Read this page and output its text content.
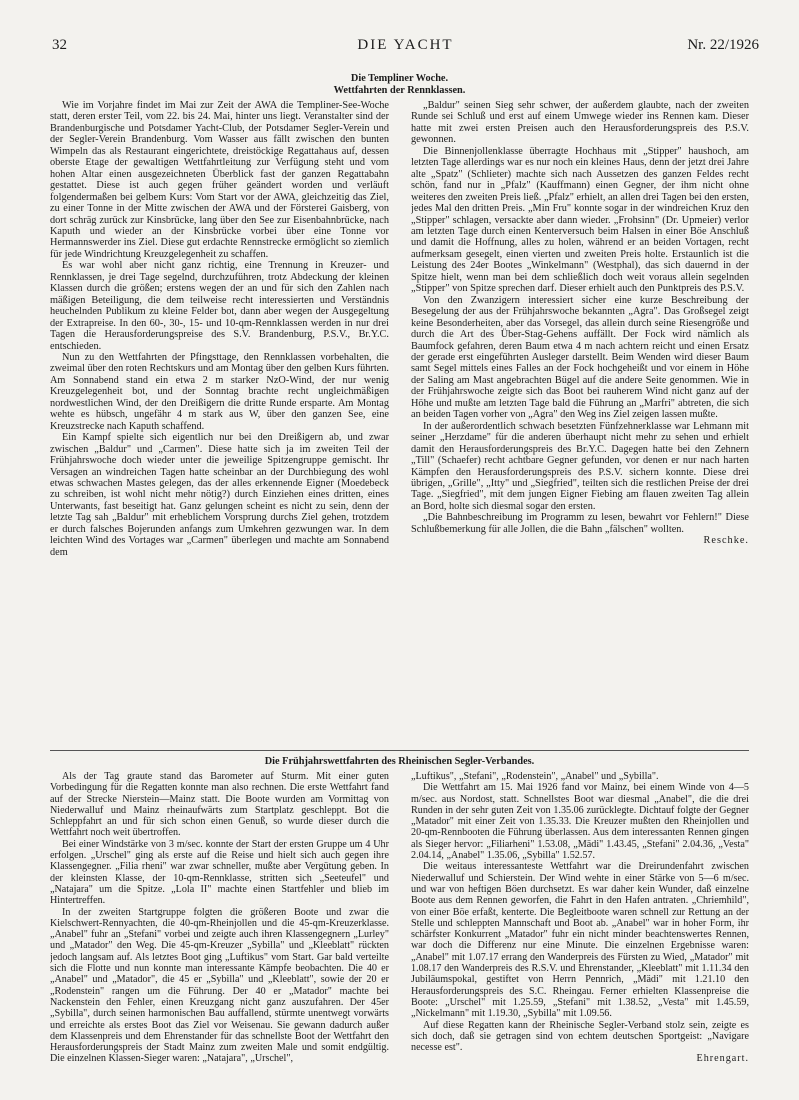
32	DIE YACHT	Nr. 22/1926
Die Templiner Woche.
Wettfahrten der Rennklassen.

Wie im Vorjahre findet im Mai zur Zeit der AWA die Templiner-See-Woche statt, deren erster Teil, vom 22. bis 24. Mai, hinter uns liegt. Veranstalter sind der Brandenburgische und Potsdamer Yacht-Club, der Potsdamer Segler-Verein und der Segler-Verein Brandenburg. Vom Wasser aus fällt zwischen den bunten Wimpeln das als Restaurant eingerichtete, dreistöckige Regattahaus auf, dessen oberste Etage der gewaltigen Wettfahrtleitung zur Verfügung steht und vom hohen Altar einen ausgezeichneten Überblick fast der ganzen Regattabahn gestattet. Diese ist auch gegen früher geändert worden und verläuft folgendermaßen bei gelbem Kurs: Vom Start vor der AWA, gleichzeitig das Ziel, zu einer Tonne in der Mitte zwischen der AWA und der Försterei Gaisberg, von dort schräg zurück zur Kinsbrücke, lang über den See zur Eisenbahnbrücke, nach Kaputh und wieder an der Kinsbrücke vorbei über eine Tonne vor Hermannswerder ins Ziel. Diese gut erdachte Rennstrecke ermöglicht so ziemlich für jede Windrichtung Kreuzgelegenheit zu schaffen.

Es war wohl aber nicht ganz richtig, eine Trennung in Kreuzer- und Rennklassen, je drei Tage segelnd, durchzuführen, trotz Abdeckung der kleinen Klassen durch die größen; erstens wegen der an und für sich den Zahlen nach mäßigen Beteiligung, die dem teilweise recht interessierten und Verständnis heuchelnden Publikum zu kleine Felder bot, dann aber wegen der Ausgegeltung der Extrapreise. In den 60-, 30-, 15- und 10-qm-Rennklassen werden in nur drei Tagen die Herausforderungspreise des S.V. Brandenburg, P.S.V., Br.Y.C. entschieden.

Nun zu den Wettfahrten der Pfingsttage, den Rennklassen vorbehalten, die zweimal über den roten Rechtskurs und am Montag über den gelben Kurs führten. Am Sonnabend stand ein etwa 2 m starker NzO-Wind, der nur wenig Kreuzgelegenheit bot, und der Sonntag brachte recht ungleichmäßigen nordwestlichen Wind, der den Dreißigern die dritte Runde ersparte. Am Montag wehte es hübsch, ungefähr 4 m stark aus W, über den ganzen See, eine Kreuzstrecke nach Kaputh schaffend.

Ein Kampf spielte sich eigentlich nur bei den Dreißigern ab, und zwar zwischen „Baldur" und „Carmen". Diese hatte sich ja im zweiten Teil der Frühjahrswoche doch wieder unter die jeweilige Spitzengruppe gemischt. Ihr Versagen an windreichen Tagen hatte scheinbar an der Durchbiegung des wohl etwas schwachen Mastes gelegen, das der alles erkennende Eigner (Moedebeck zu schreiben, ist wohl nicht mehr nötig?) durch Einziehen eines dritten, eines Unterwants, fast beseitigt hat. Ganz gelungen scheint es nicht zu sein, denn der letzte Tag sah „Baldur" mit erheblichem Vorsprung durchs Ziel gehen, trotzdem er durch falsches Bojerunden anfangs zum Umkehren gezwungen war. In dem leichten Wind des Vortages war „Carmen" überlegen und machte am Sonnabend dem

„Baldur" seinen Sieg sehr schwer, der außerdem glaubte, nach der zweiten Runde sei Schluß und erst auf einem Umwege wieder ins Rennen kam. Dieser hatte mit zwei ersten Preisen auch den Herausforderungspreis des P.S.V. gewonnen.

Die Binnenjollenklasse überragte Hochhaus mit „Stipper" haushoch, am letzten Tage allerdings war es nur noch ein kleines Haus, denn der jetzt drei Jahre alte „Spatz" (Schlieter) machte sich nach Aussetzen des ganzen Feldes recht schön, fand nur in „Pfalz" (Kauffmann) einen Gegner, der ihm nicht ohne weiteres den zweiten Preis ließ. „Pfalz" erhielt, an allen drei Tagen bei den ersten, jedes Mal den dritten Preis. „Min Fru" konnte sogar in der windreichen Kruz den „Stipper" schlagen, versackte aber dann wieder. „Frohsinn" (Dr. Upmeier) verlor am letzten Tage durch einen Kenterversuch beim Halsen in einer Böe Anschluß und damit die Hoffnung, alles zu holen, während er an beiden Vortagen, recht aufmerksam gesegelt, einen vierten und zweiten Preis holte. Erstaunlich ist die Leistung des 24er Bootes „Winkelmann" (Westphal), das sich dauernd in der Spitze hielt, wenn man bei dem schließlich doch weit voraus allein segelnden „Stipper" von Spitze sprechen darf. Dieser erhielt auch den Punktpreis des P.S.V.

Von den Zwanzigern interessiert sicher eine kurze Beschreibung der Besegelung der aus der Frühjahrswoche bekannten „Agra". Das Großsegel zeigt keine Besonderheiten, aber das Vorsegel, das allein durch seine Riesengröße und durch die Art des Über-Stag-Gehens auffällt. Der Fock wird nämlich als Baumfock gefahren, deren Baum etwa 4 m nach achtern reicht und einen Ersatz der gerade erst eingeführten Ausleger darstellt. Beim Wenden wird dieser Baum samt Segel mittels eines Falles an der Fock hochgeheißt und vor einem in Höhe der Saling am Mast angebrachten Bügel auf die andere Seite genommen. Wie in der Frühjahrswoche zeigte sich das Boot bei rauherem Wind nicht ganz auf der Höhe und mußte am letzten Tage bald die Führung an „Marfri" abtreten, die sich an beiden Tagen vorher von „Agra" den Weg ins Ziel zeigen lassen mußte.

In der außerordentlich schwach besetzten Fünfzehnerklasse war Lehmann mit seiner „Herzdame" für die anderen überhaupt nicht mehr zu sehen und erhielt damit den Herausforderungspreis des Br.Y.C. Dagegen hatte bei den Zehnern „Till" (Schaefer) recht achtbare Gegner gefunden, vor denen er nur nach harten Kämpfen den Herausforderungspreis des P.S.V. sichern konnte. Diese drei übrigen, „Grille", „Itty" und „Siegfried", teilten sich die restlichen Preise der drei Tage. „Siegfried", mit dem jungen Eigner Fiebing am flauen zweiten Tag allein an Bord, holte sich diesmal sogar den ersten.

„Die Bahnbeschreibung im Programm zu lesen, bewahrt vor Fehlern!" Diese Schlußbemerkung für alle Jollen, die die Bahn „fälschen" wollten.

Reschke.
Die Frühjahrswettfahrten des Rheinischen Segler-Verbandes.

Als der Tag graute stand das Barometer auf Sturm. Mit einer guten Vorbedingung für die Regatten konnte man also rechnen. Die erste Wettfahrt fand auf der Strecke Nierstein—Mainz statt. Die Boote wurden am Vormittag von Niederwalluf und Mainz rheinaufwärts zum Startplatz geschleppt. Bot die Schleppfahrt an und für sich schon einen Genuß, so wurde dieser durch die Wettfahrt noch weit übertroffen.

Bei einer Windstärke von 3 m/sec. konnte der Start der ersten Gruppe um 4 Uhr erfolgen. „Urschel" ging als erste auf die Reise und hielt sich auch gegen ihre Klassengegner. „Filia rheni" war zwar schneller, mußte aber Vergütung geben. In der kleinsten Klasse, der 10-qm-Rennklasse, stritten sich „Seeteufel" und „Natajara" um die Spitze. „Lola II" machte einen Startfehler und blieb im Hintertreffen.

In der zweiten Startgruppe folgten die größeren Boote und zwar die Kielschwert-Rennyachten, die 40-qm-Rheinjollen und die 45-qm-Kreuzerklasse. „Anabel" fuhr an „Stefani" vorbei und zeigte auch ihren Klassengegnern „Lurley" und „Matador" den Weg. Die 45-qm-Kreuzer „Sybilla" und „Kleeblatt" rückten jedoch langsam auf. Als letztes Boot ging „Luftikus" vom Start. Gar bald verteilte sich die Flotte und nun konnte man interessante Kämpfe beobachten. Die 40 er „Anabel" und „Matador", die 45 er „Sybilla" und „Kleeblatt", sowie der 20 er „Rodenstein" rangen um die Führung. Der 40 er „Matador" machte bei Nackenstein den Fehler, einen Kreuzgang nicht ganz auszufahren. Der 45er „Sybilla", durch seinen harmonischen Bau auffallend, stürmte unentwegt vorwärts und erreichte als erstes Boot das Ziel vor Weisenau. Sie gewann dadurch außer dem Klassenpreis und dem Ehrenstander für das schnellste Boot der Wettfahrt den Herausforderungspreis der Stadt Mainz zum zweiten Male und somit endgültig. Die einzelnen Klassen-Sieger waren: „Natajara", „Urschel",

„Luftikus", „Stefani", „Rodenstein", „Anabel" und „Sybilla".

Die Wettfahrt am 15. Mai 1926 fand vor Mainz, bei einem Winde von 4—5 m/sec. aus Nordost, statt. Schnellstes Boot war diesmal „Anabel", die die drei Runden in der sehr guten Zeit von 1.35.06 zurücklegte. Dichtauf folgte der Gegner „Matador" mit einer Zeit von 1.35.33. Die Kreuzer mußten den Rheinjollen und 20-qm-Rennbooten die Führung überlassen. Aus dem interessanten Rennen gingen als Sieger hervor: „Filiarheni" 1.53.08, „Mädi" 1.43.45, „Stefani" 2.04.36, „Vesta" 2.04.14, „Anabel" 1.35.06, „Sybilla" 1.52.57.

Die weitaus interessanteste Wettfahrt war die Dreirundenfahrt zwischen Niederwalluf und Schierstein. Der Wind wehte in einer Stärke von 5—6 m/sec. und war von heftigen Böen durchsetzt. Es war daher kein Wunder, daß einzelne Boote aus dem Rennen geworfen, die Fahrt in den Hafen antraten. „Chriemhild", von einer Böe erfaßt, kenterte. Die Begleitboote waren schnell zur Rettung an der Stelle und schleppten Mannschaft und Boot ab. „Anabel" war in hoher Form, ihr schärfster Konkurrent „Matador" fuhr ein nicht minder beachtenswertes Rennen, war doch die Differenz nur eine Minute. Die einzelnen Ergebnisse waren: „Anabel" mit 1.07.17 errang den Wanderpreis des Fürsten zu Wied, „Matador" mit 1.08.17 den Wanderpreis des R.S.V. und Ehrenstander, „Kleeblatt" mit 1.11.34 den Jubiläumspokal, gestiftet von Herrn Pennrich, „Mädi" mit 1.21.10 den Herausforderungspreis des S.C. Rheingau. Ferner erhielten Klassenpreise die Boote: „Urschel" mit 1.25.59, „Stefani" mit 1.38.52, „Vesta" mit 1.45.59, „Nickelmann" mit 1.19.30, „Sybilla" mit 1.09.56.

Auf diese Regatten kann der Rheinische Segler-Verband stolz sein, zeigte es sich doch, daß sie getragen sind von echtem deutschen Sportgeist: „Navigare necesse est".

Ehrengart.
